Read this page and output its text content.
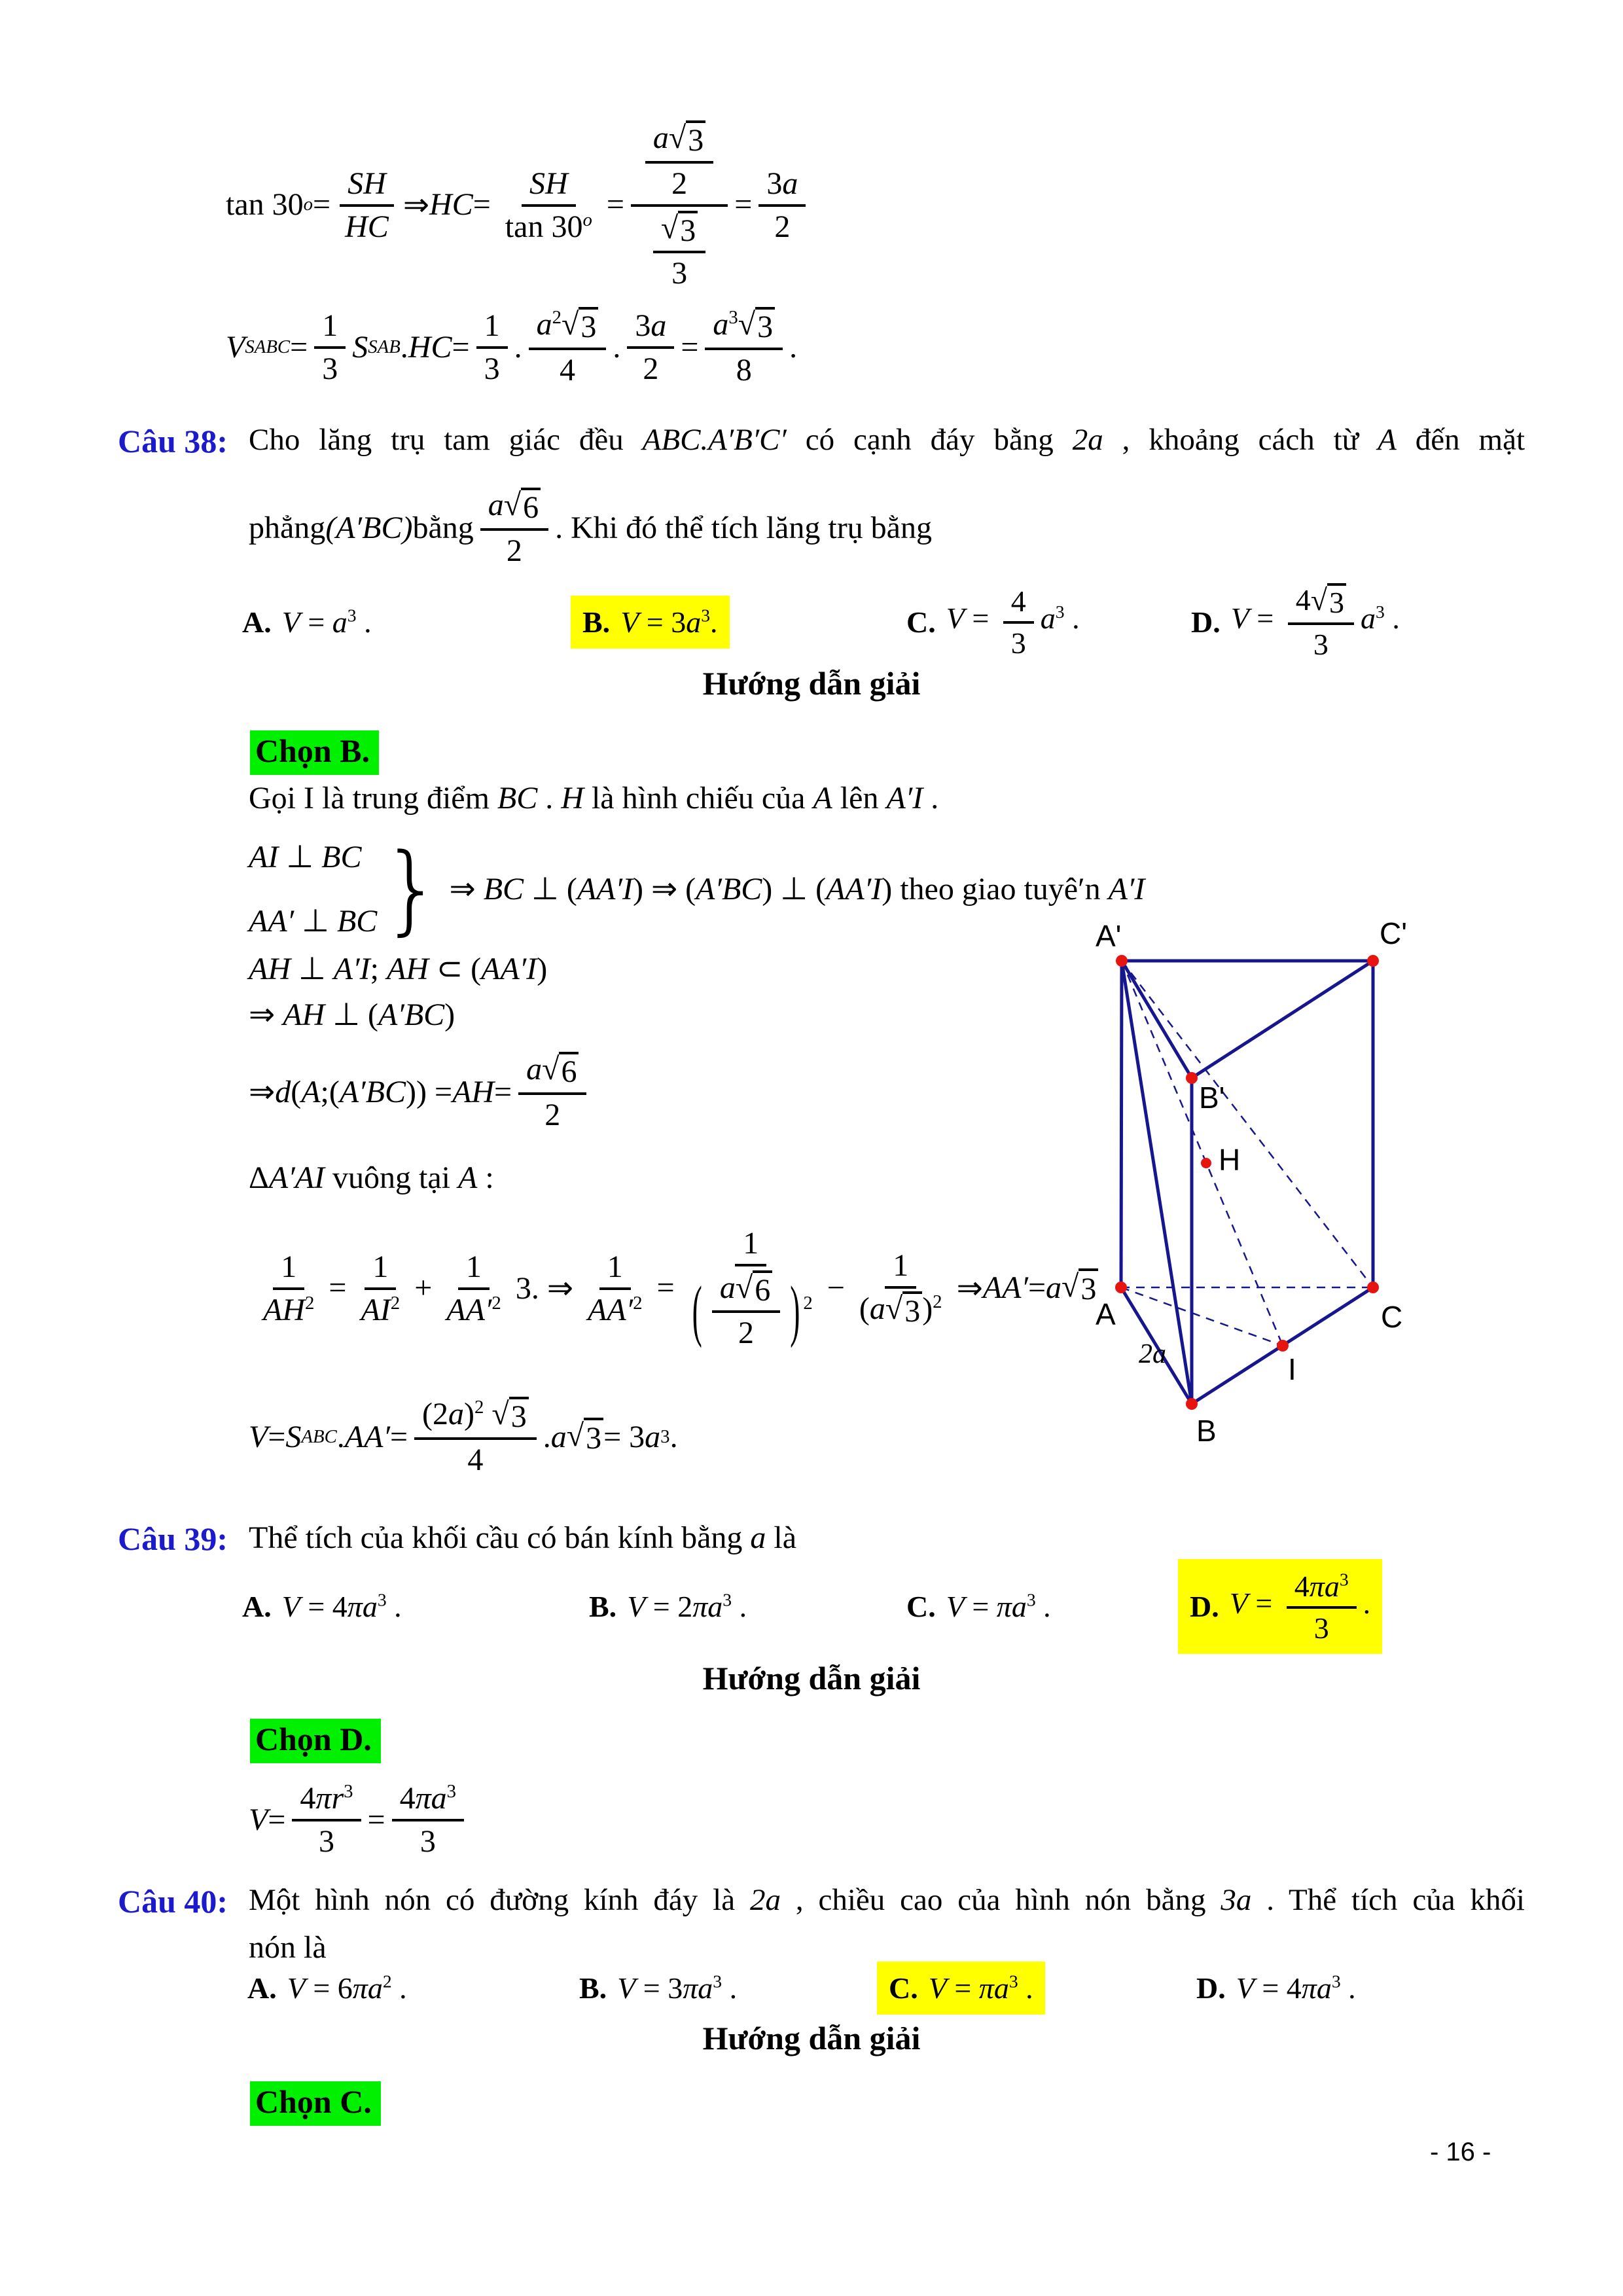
tan 30 $o = \frac{SH}{HC}$ ⇒ HC = $\frac{SH}{\tan 30^o} = \frac{\frac{a √ 3}{2}}{\frac{√ 3}{3}} = \frac{3a}{2}$
V SABC = $\frac{1}{3}$ S SAB . HC = $\frac{1}{3}$ . $\frac{a^2 √ 3}{4}$ . $\frac{3a}{2} = \frac{a^3 √ 3}{8}$ .
Câu 38: Cho lăng trụ tam giác đều ABC.A′B′C′ có cạnh đáy bằng 2a , khoảng cách từ A đến mặt
phẳng (A′BC) bằng $\frac{a √ 6}{2}$ . Khi đó thể tích lăng trụ bằng
A. $V = a^3$ .	B. $V = 3a^3$.	C. $V = \frac{4}{3} a^3$ .	D. $V = \frac{4 √ 3}{3} a^3$ .
Hướng dẫn giải
Chọn B.
Gọi I là trung điểm BC . H là hình chiếu của A lên A′I .
AI ⊥ BC
AA′ ⊥ BC } ⇒ BC ⊥ (AA′I) ⇒ (A′BC) ⊥ (AA′I) theo giao tuyê′n A′I
AH ⊥ A′I; AH ⊂ (AA′I)
⇒ AH ⊥ (A′BC)
⇒ d ( A ;( A′BC )) = AH = $\frac{a √ 6}{2}$
ΔA′AI vuông tại A :
$\frac{1}{AH^2} = \frac{1}{AI^2} + \frac{1}{AA'^2} 3$. ⇒ $\frac{1}{AA'^2} = \frac{1}{( \frac{a √ 6}{2} ) ^2} - \frac{1}{(a √ 3 )^2}$ ⇒ AA′ = a √ 3
V = S ABC . $AA' = \frac{(2a)^2 √ 3}{4}$ . a √ 3 = 3 a 3 .
A'	C'
B'
H
A	C
I
B
2a
Câu 39: Thể tích của khối cầu có bán kính bằng a là
A. $V = 4\pi a^3$ .	B. $V = 2\pi a^3$ .	C. $V = \pi a^3$ .	D. $V = \frac{4\pi a^3}{3}$ .
Hướng dẫn giải
Chọn D.
$V = \frac{4\pi r^3}{3} = \frac{4\pi a^3}{3}$
Câu 40: Một hình nón có đường kính đáy là 2a , chiều cao của hình nón bằng 3a . Thể tích của khối
nón là
A. $V = 6\pi a^2$ .	B. $V = 3\pi a^3$ .	C. $V = \pi a^3$ .	D. $V = 4\pi a^3$ .
Hướng dẫn giải
Chọn C.
- 16 -
